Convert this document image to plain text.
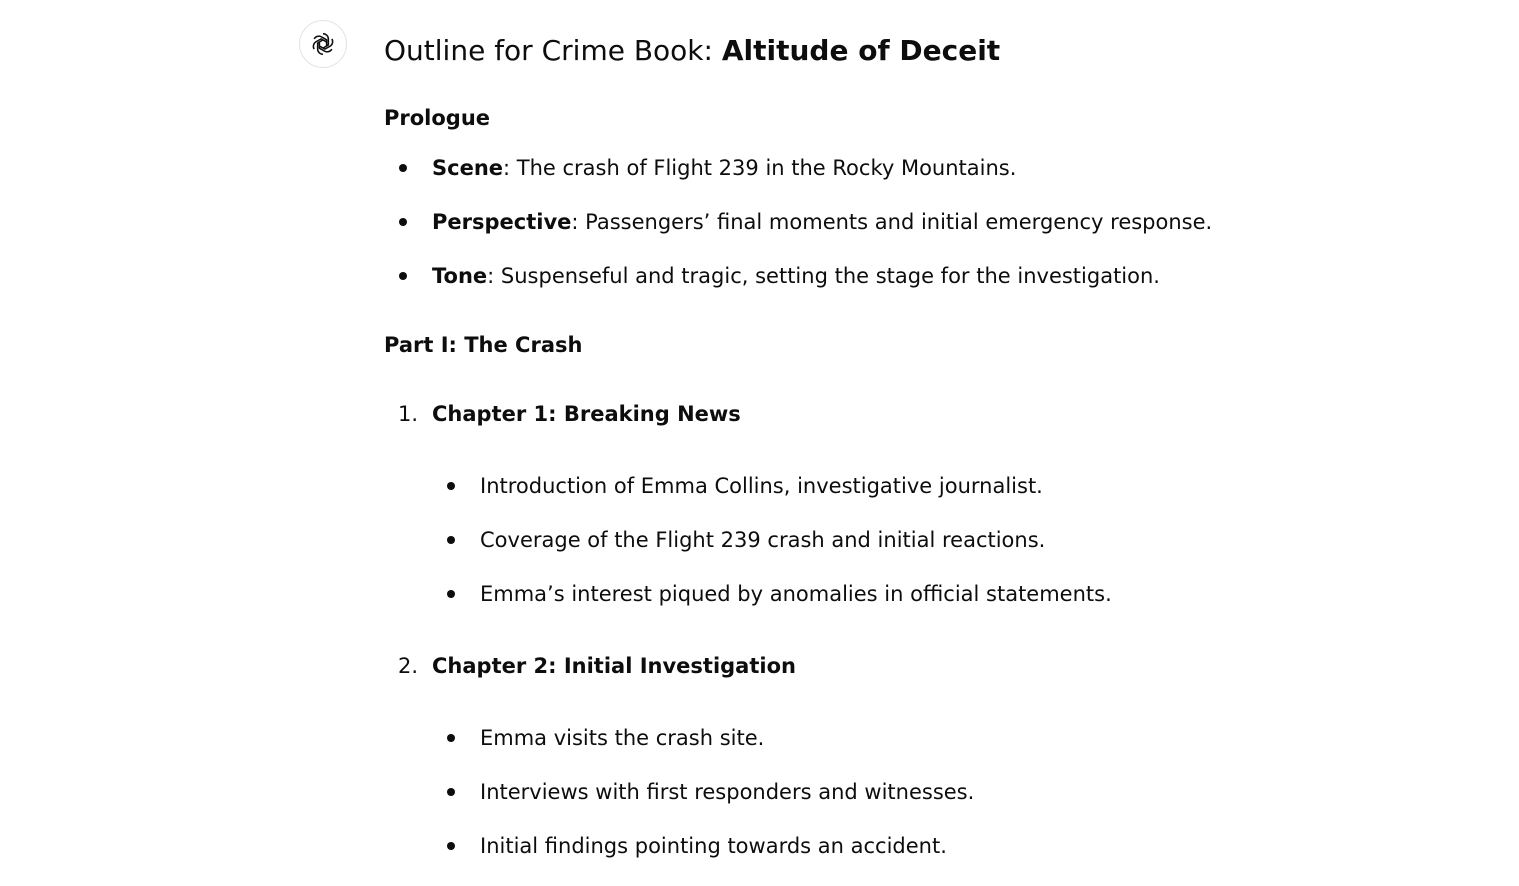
Outline for Crime Book: Altitude of Deceit
Prologue
Scene: The crash of Flight 239 in the Rocky Mountains.
Perspective: Passengers’ final moments and initial emergency response.
Tone: Suspenseful and tragic, setting the stage for the investigation.
Part I: The Crash
1. Chapter 1: Breaking News
Introduction of Emma Collins, investigative journalist.
Coverage of the Flight 239 crash and initial reactions.
Emma’s interest piqued by anomalies in official statements.
2. Chapter 2: Initial Investigation
Emma visits the crash site.
Interviews with first responders and witnesses.
Initial findings pointing towards an accident.
